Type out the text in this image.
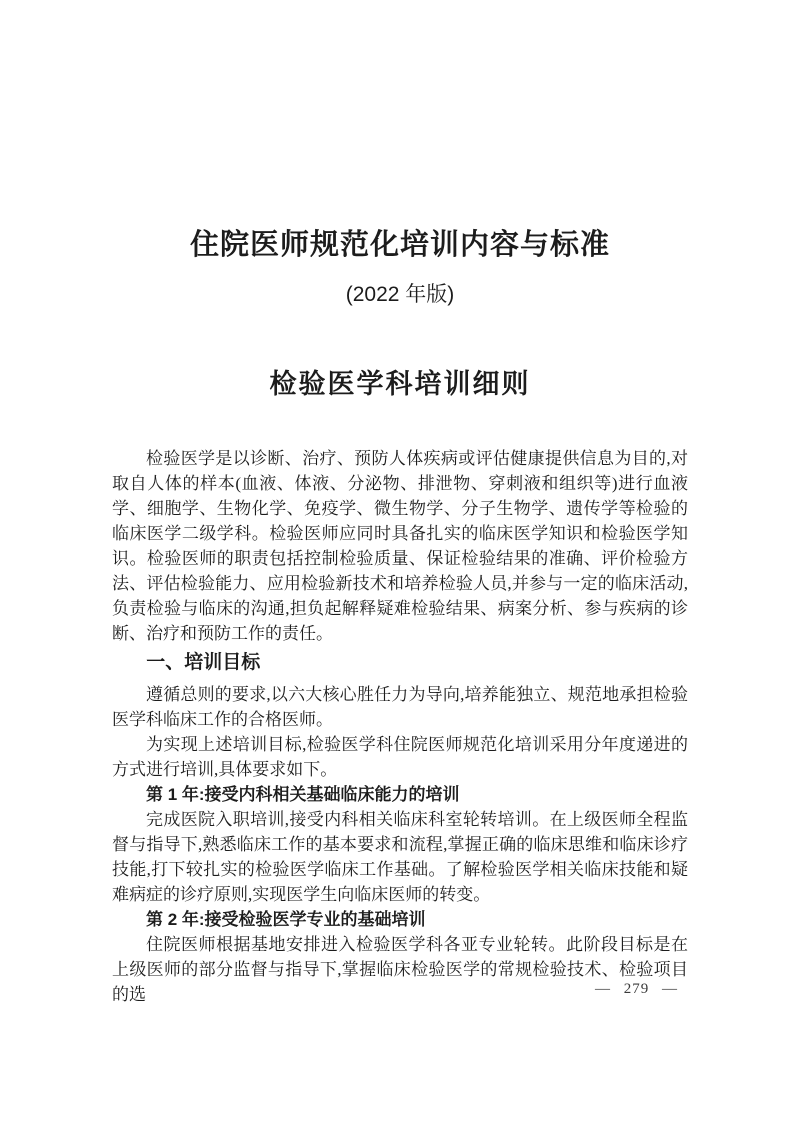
住院医师规范化培训内容与标准
(2022 年版)
检验医学科培训细则

检验医学是以诊断、治疗、预防人体疾病或评估健康提供信息为目的,对取自人体的样本(血液、体液、分泌物、排泄物、穿刺液和组织等)进行血液学、细胞学、生物化学、免疫学、微生物学、分子生物学、遗传学等检验的临床医学二级学科。检验医师应同时具备扎实的临床医学知识和检验医学知识。检验医师的职责包括控制检验质量、保证检验结果的准确、评价检验方法、评估检验能力、应用检验新技术和培养检验人员,并参与一定的临床活动,负责检验与临床的沟通,担负起解释疑难检验结果、病案分析、参与疾病的诊断、治疗和预防工作的责任。

一、培训目标

遵循总则的要求,以六大核心胜任力为导向,培养能独立、规范地承担检验医学科临床工作的合格医师。

为实现上述培训目标,检验医学科住院医师规范化培训采用分年度递进的方式进行培训,具体要求如下。

第 1 年:接受内科相关基础临床能力的培训

完成医院入职培训,接受内科相关临床科室轮转培训。在上级医师全程监督与指导下,熟悉临床工作的基本要求和流程,掌握正确的临床思维和临床诊疗技能,打下较扎实的检验医学临床工作基础。了解检验医学相关临床技能和疑难病症的诊疗原则,实现医学生向临床医师的转变。

第 2 年:接受检验医学专业的基础培训

住院医师根据基地安排进入检验医学科各亚专业轮转。此阶段目标是在上级医师的部分监督与指导下,掌握临床检验医学的常规检验技术、检验项目的选	— 279 —
